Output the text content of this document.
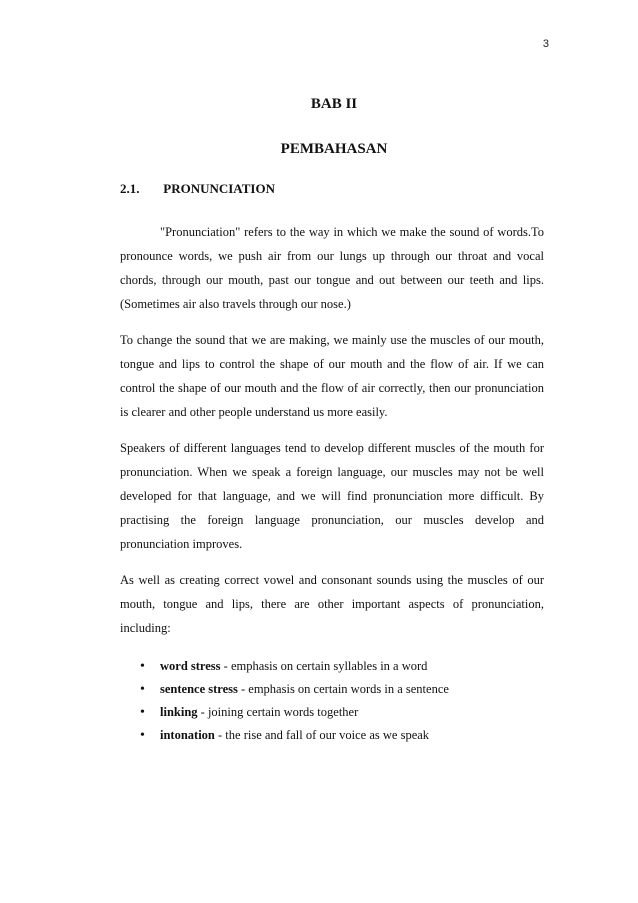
3
BAB II
PEMBAHASAN
2.1. PRONUNCIATION

"Pronunciation" refers to the way in which we make the sound of words.To pronounce words, we push air from our lungs up through our throat and vocal chords, through our mouth, past our tongue and out between our teeth and lips. (Sometimes air also travels through our nose.)

To change the sound that we are making, we mainly use the muscles of our mouth, tongue and lips to control the shape of our mouth and the flow of air. If we can control the shape of our mouth and the flow of air correctly, then our pronunciation is clearer and other people understand us more easily.

Speakers of different languages tend to develop different muscles of the mouth for pronunciation. When we speak a foreign language, our muscles may not be well developed for that language, and we will find pronunciation more difficult. By practising the foreign language pronunciation, our muscles develop and pronunciation improves.

As well as creating correct vowel and consonant sounds using the muscles of our mouth, tongue and lips, there are other important aspects of pronunciation, including:

• word stress - emphasis on certain syllables in a word
• sentence stress - emphasis on certain words in a sentence
• linking - joining certain words together
• intonation - the rise and fall of our voice as we speak
